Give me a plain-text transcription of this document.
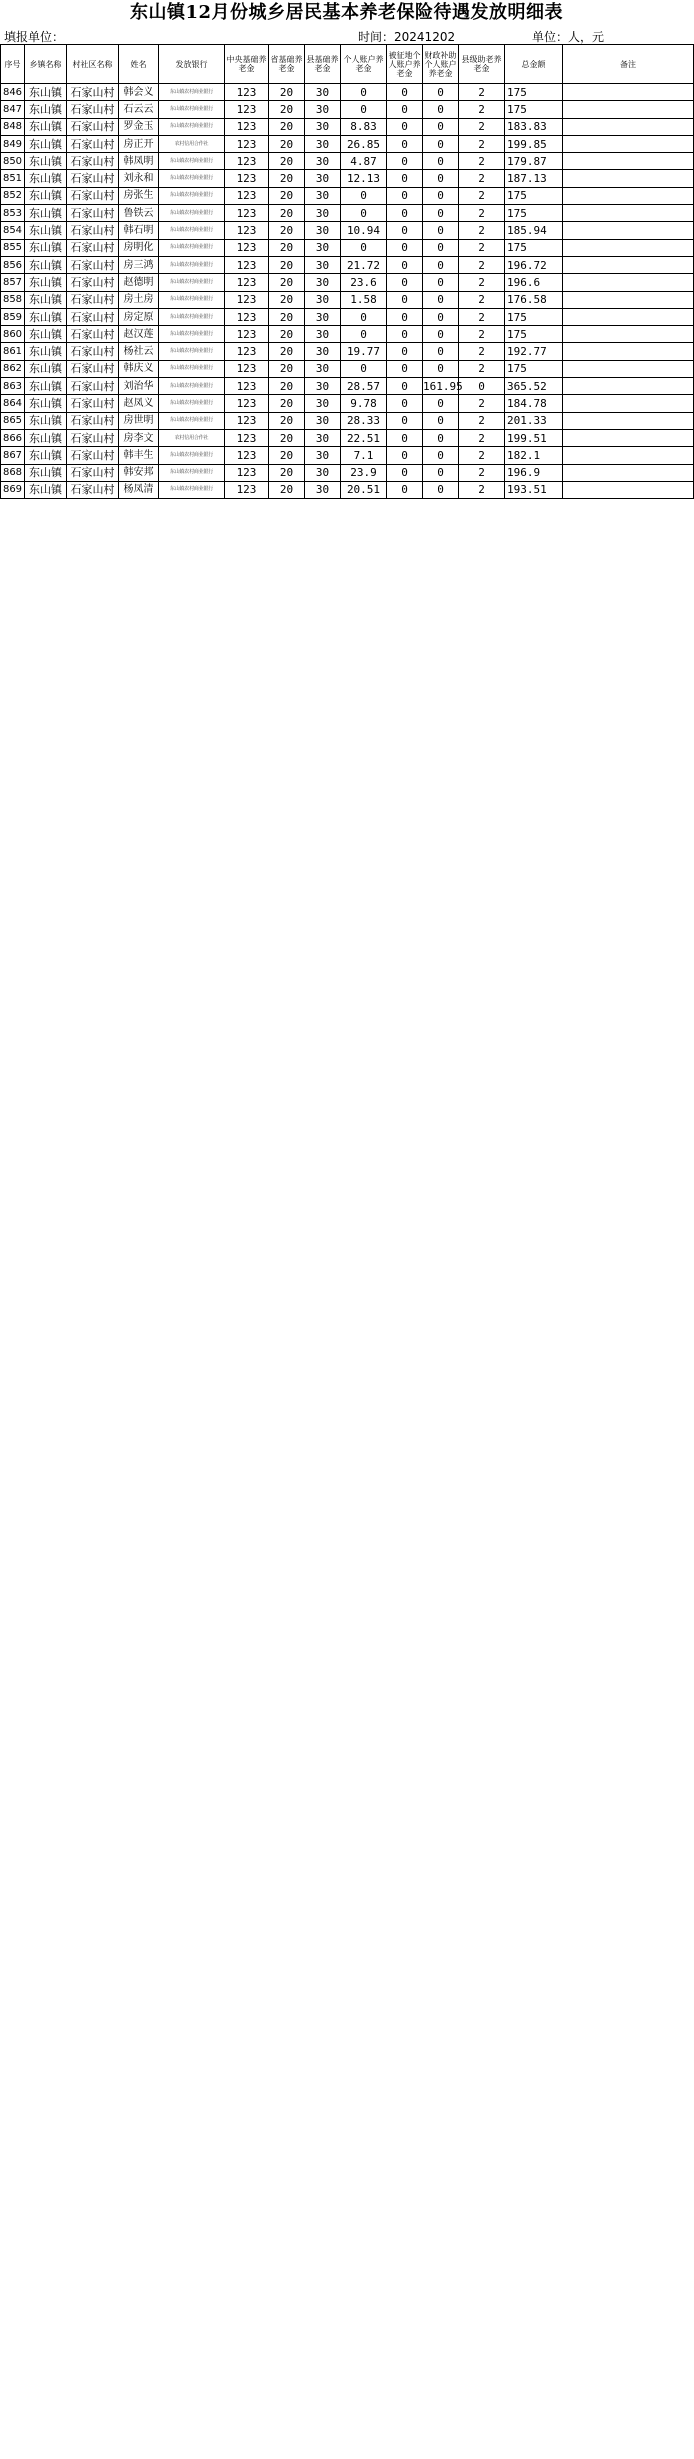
东山镇12月份城乡居民基本养老保险待遇发放明细表
填报单位：	时间：20241202	单位：人，元
序号	乡镇名称	村社区名称	姓名	发放银行	中央基础养老金	省基础养老金	县基础养老金	个人账户养老金	被征地个人账户养老金	财政补助个人账户养老金	县级助老养老金	总金额	备注
846	东山镇	石家山村	韩会义	东山镇农村商业银行	123	20	30	0	0	0	2	175	
847	东山镇	石家山村	石云云	东山镇农村商业银行	123	20	30	0	0	0	2	175	
848	东山镇	石家山村	罗金玉	东山镇农村商业银行	123	20	30	8.83	0	0	2	183.83	
849	东山镇	石家山村	房正开	农村信用合作社	123	20	30	26.85	0	0	2	199.85	
850	东山镇	石家山村	韩凤明	东山镇农村商业银行	123	20	30	4.87	0	0	2	179.87	
851	东山镇	石家山村	刘永和	东山镇农村商业银行	123	20	30	12.13	0	0	2	187.13	
852	东山镇	石家山村	房张生	东山镇农村商业银行	123	20	30	0	0	0	2	175	
853	东山镇	石家山村	鲁铁云	东山镇农村商业银行	123	20	30	0	0	0	2	175	
854	东山镇	石家山村	韩石明	东山镇农村商业银行	123	20	30	10.94	0	0	2	185.94	
855	东山镇	石家山村	房明化	东山镇农村商业银行	123	20	30	0	0	0	2	175	
856	东山镇	石家山村	房三鸿	东山镇农村商业银行	123	20	30	21.72	0	0	2	196.72	
857	东山镇	石家山村	赵德明	东山镇农村商业银行	123	20	30	23.6	0	0	2	196.6	
858	东山镇	石家山村	房土房	东山镇农村商业银行	123	20	30	1.58	0	0	2	176.58	
859	东山镇	石家山村	房定原	东山镇农村商业银行	123	20	30	0	0	0	2	175	
860	东山镇	石家山村	赵汉莲	东山镇农村商业银行	123	20	30	0	0	0	2	175	
861	东山镇	石家山村	杨社云	东山镇农村商业银行	123	20	30	19.77	0	0	2	192.77	
862	东山镇	石家山村	韩庆义	东山镇农村商业银行	123	20	30	0	0	0	2	175	
863	东山镇	石家山村	刘治华	东山镇农村商业银行	123	20	30	28.57	0	161.95	0	365.52	
864	东山镇	石家山村	赵凤义	东山镇农村商业银行	123	20	30	9.78	0	0	2	184.78	
865	东山镇	石家山村	房世明	东山镇农村商业银行	123	20	30	28.33	0	0	2	201.33	
866	东山镇	石家山村	房李文	农村信用合作社	123	20	30	22.51	0	0	2	199.51	
867	东山镇	石家山村	韩丰生	东山镇农村商业银行	123	20	30	7.1	0	0	2	182.1	
868	东山镇	石家山村	韩安邦	东山镇农村商业银行	123	20	30	23.9	0	0	2	196.9	
869	东山镇	石家山村	杨凤清	东山镇农村商业银行	123	20	30	20.51	0	0	2	193.51	
